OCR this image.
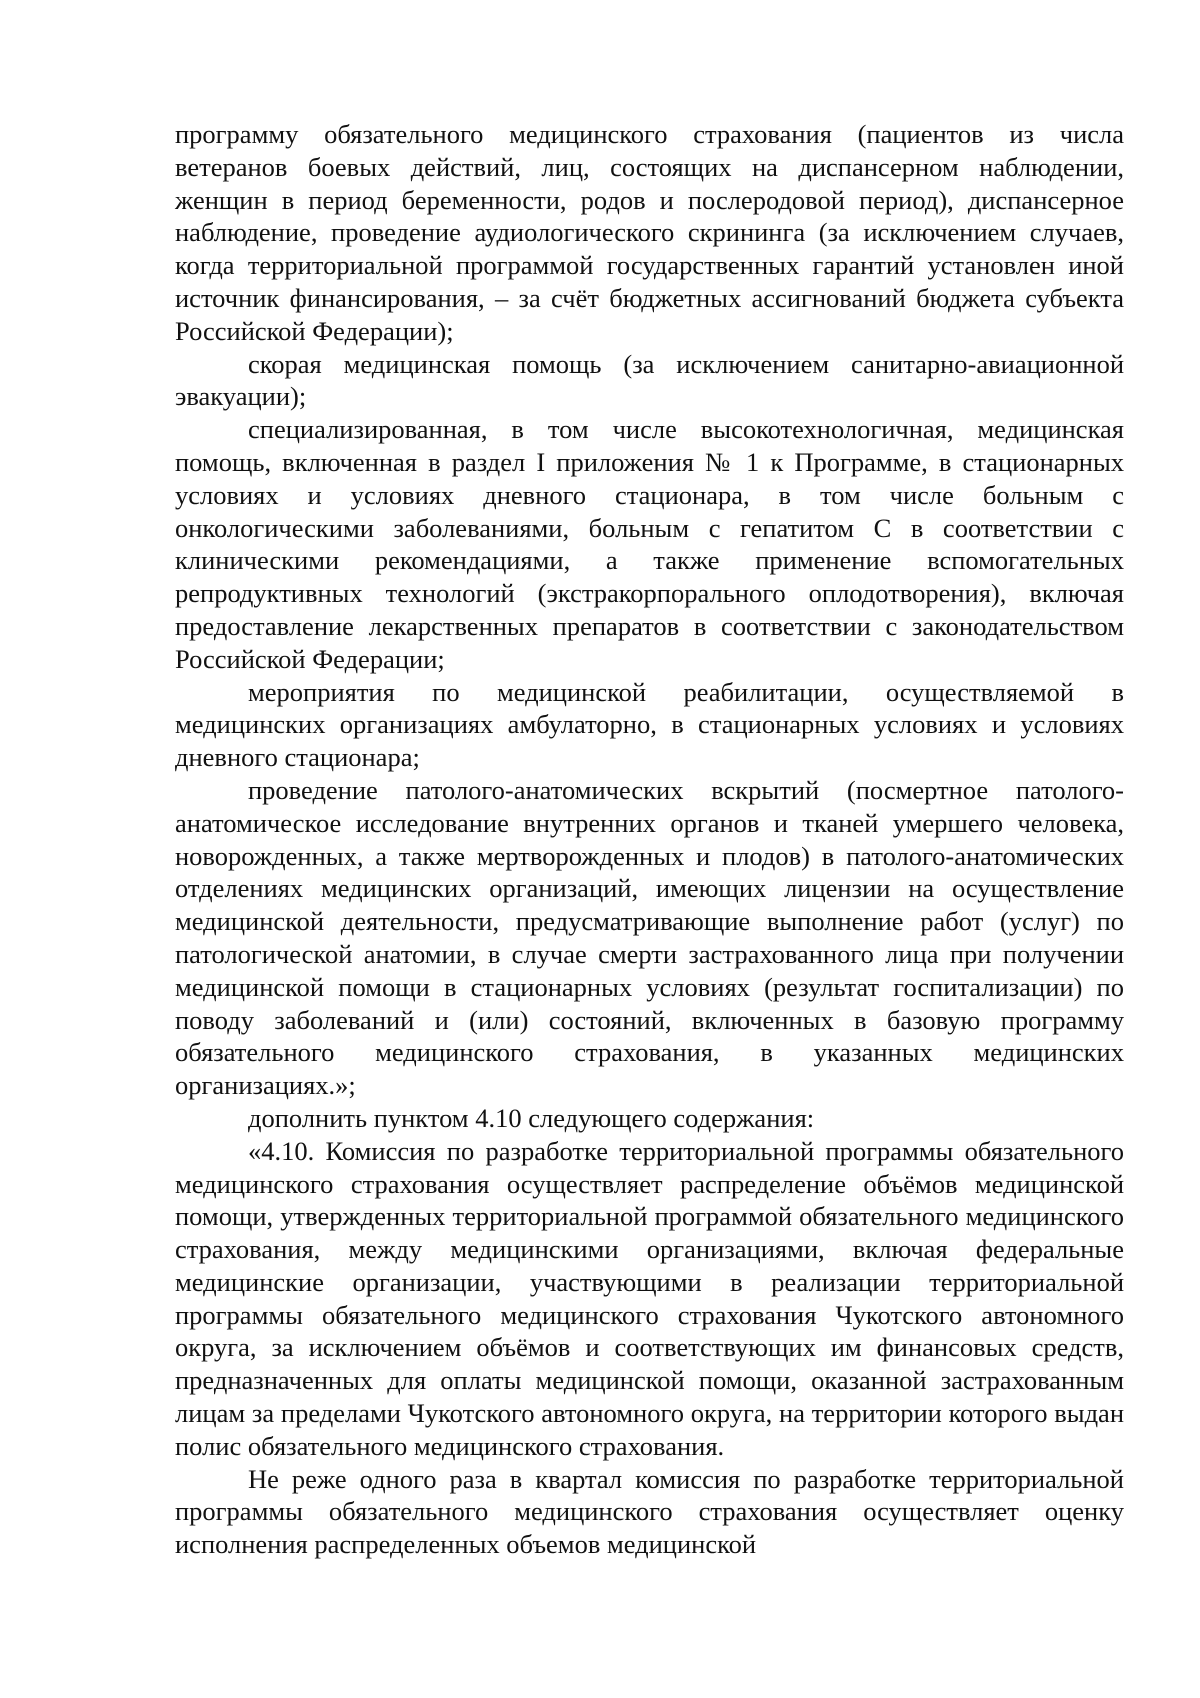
программу обязательного медицинского страхования (пациентов из числа ветеранов боевых действий, лиц, состоящих на диспансерном наблюдении, женщин в период беременности, родов и послеродовой период), диспансерное наблюдение, проведение аудиологического скрининга (за исключением случаев, когда территориальной программой государственных гарантий установлен иной источник финансирования, – за счёт бюджетных ассигнований бюджета субъекта Российской Федерации);

скорая медицинская помощь (за исключением санитарно-авиационной эвакуации);

специализированная, в том числе высокотехнологичная, медицинская помощь, включенная в раздел I приложения № 1 к Программе, в стационарных условиях и условиях дневного стационара, в том числе больным с онкологическими заболеваниями, больным с гепатитом С в соответствии с клиническими рекомендациями, а также применение вспомогательных репродуктивных технологий (экстракорпорального оплодотворения), включая предоставление лекарственных препаратов в соответствии с законодательством Российской Федерации;

мероприятия по медицинской реабилитации, осуществляемой в медицинских организациях амбулаторно, в стационарных условиях и условиях дневного стационара;

проведение патолого-анатомических вскрытий (посмертное патолого-анатомическое исследование внутренних органов и тканей умершего человека, новорожденных, а также мертворожденных и плодов) в патолого-анатомических отделениях медицинских организаций, имеющих лицензии на осуществление медицинской деятельности, предусматривающие выполнение работ (услуг) по патологической анатомии, в случае смерти застрахованного лица при получении медицинской помощи в стационарных условиях (результат госпитализации) по поводу заболеваний и (или) состояний, включенных в базовую программу обязательного медицинского страхования, в указанных медицинских организациях.»;

дополнить пунктом 4.10 следующего содержания:

«4.10. Комиссия по разработке территориальной программы обязательного медицинского страхования осуществляет распределение объёмов медицинской помощи, утвержденных территориальной программой обязательного медицинского страхования, между медицинскими организациями, включая федеральные медицинские организации, участвующими в реализации территориальной программы обязательного медицинского страхования Чукотского автономного округа, за исключением объёмов и соответствующих им финансовых средств, предназначенных для оплаты медицинской помощи, оказанной застрахованным лицам за пределами Чукотского автономного округа, на территории которого выдан полис обязательного медицинского страхования.

Не реже одного раза в квартал комиссия по разработке территориальной программы обязательного медицинского страхования осуществляет оценку исполнения распределенных объемов медицинской
